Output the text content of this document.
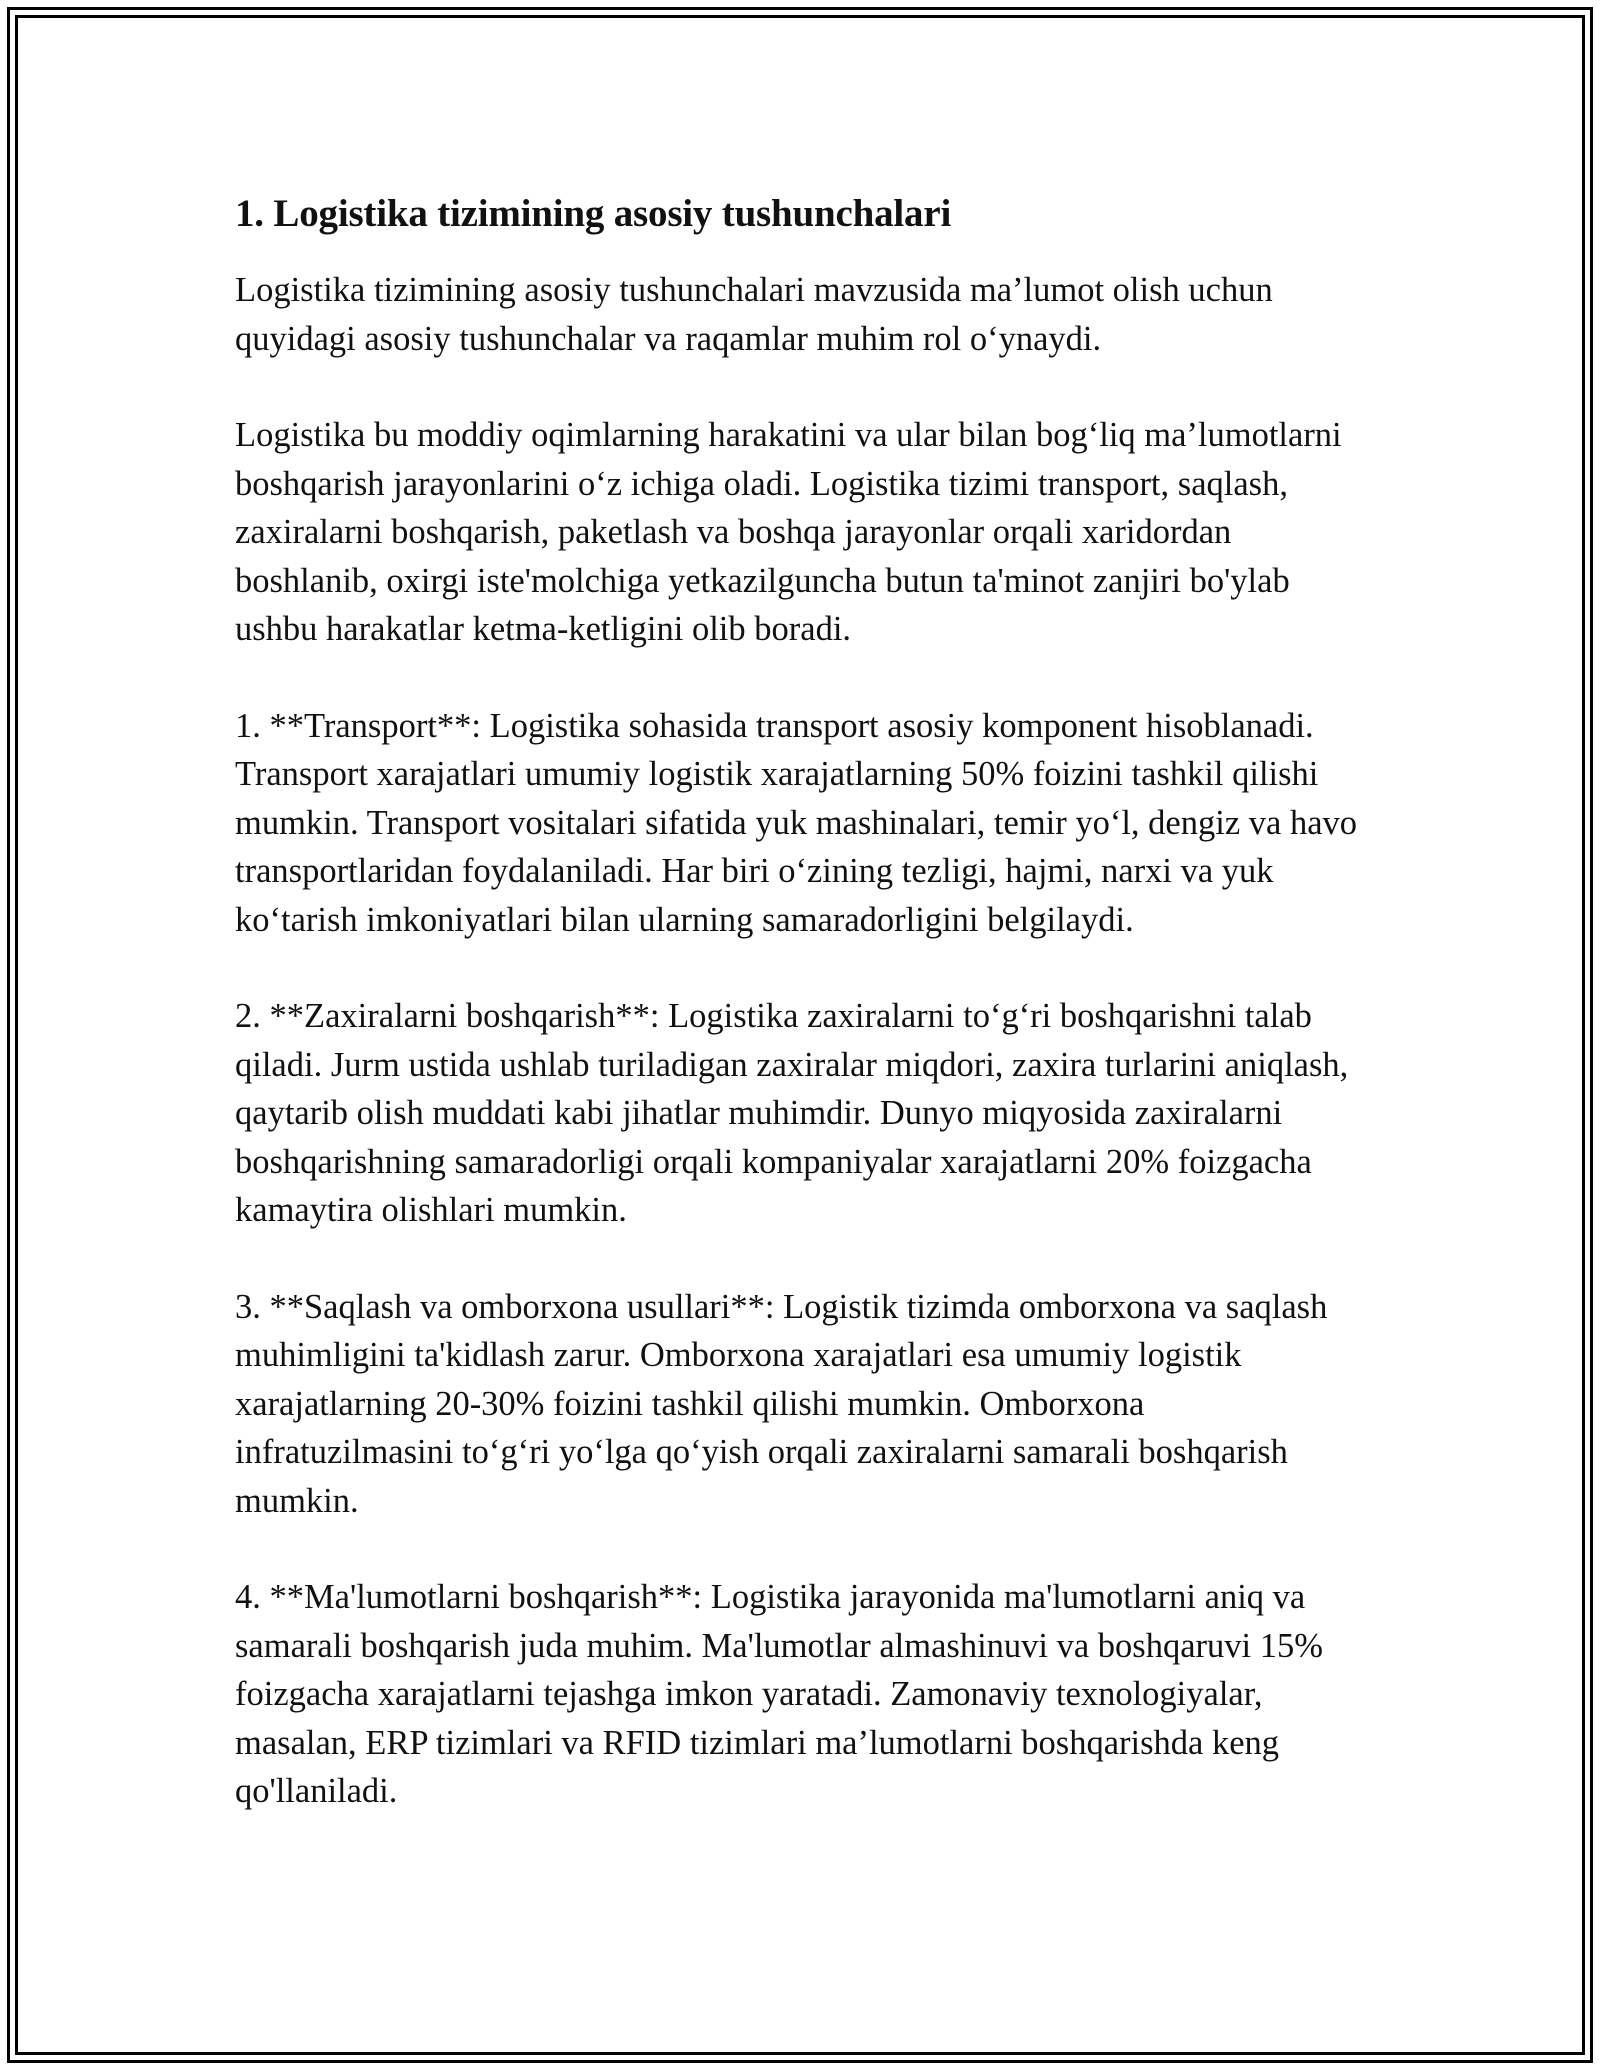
1. Logistika tizimining asosiy tushunchalari

Logistika tizimining asosiy tushunchalari mavzusida ma’lumot olish uchun quyidagi asosiy tushunchalar va raqamlar muhim rol o‘ynaydi.

Logistika bu moddiy oqimlarning harakatini va ular bilan bog‘liq ma’lumotlarni boshqarish jarayonlarini o‘z ichiga oladi. Logistika tizimi transport, saqlash, zaxiralarni boshqarish, paketlash va boshqa jarayonlar orqali xaridordan boshlanib, oxirgi iste'molchiga yetkazilguncha butun ta'minot zanjiri bo'ylab ushbu harakatlar ketma-ketligini olib boradi.

1. **Transport**: Logistika sohasida transport asosiy komponent hisoblanadi. Transport xarajatlari umumiy logistik xarajatlarning 50% foizini tashkil qilishi mumkin. Transport vositalari sifatida yuk mashinalari, temir yo‘l, dengiz va havo transportlaridan foydalaniladi. Har biri o‘zining tezligi, hajmi, narxi va yuk ko‘tarish imkoniyatlari bilan ularning samaradorligini belgilaydi.

2. **Zaxiralarni boshqarish**: Logistika zaxiralarni to‘g‘ri boshqarishni talab qiladi. Jurm ustida ushlab turiladigan zaxiralar miqdori, zaxira turlarini aniqlash, qaytarib olish muddati kabi jihatlar muhimdir. Dunyo miqyosida zaxiralarni boshqarishning samaradorligi orqali kompaniyalar xarajatlarni 20% foizgacha kamaytira olishlari mumkin.

3. **Saqlash va omborxona usullari**: Logistik tizimda omborxona va saqlash muhimligini ta'kidlash zarur. Omborxona xarajatlari esa umumiy logistik xarajatlarning 20-30% foizini tashkil qilishi mumkin. Omborxona infratuzilmasini to‘g‘ri yo‘lga qo‘yish orqali zaxiralarni samarali boshqarish mumkin.

4. **Ma'lumotlarni boshqarish**: Logistika jarayonida ma'lumotlarni aniq va samarali boshqarish juda muhim. Ma'lumotlar almashinuvi va boshqaruvi 15% foizgacha xarajatlarni tejashga imkon yaratadi. Zamonaviy texnologiyalar, masalan, ERP tizimlari va RFID tizimlari ma’lumotlarni boshqarishda keng qo'llaniladi.
